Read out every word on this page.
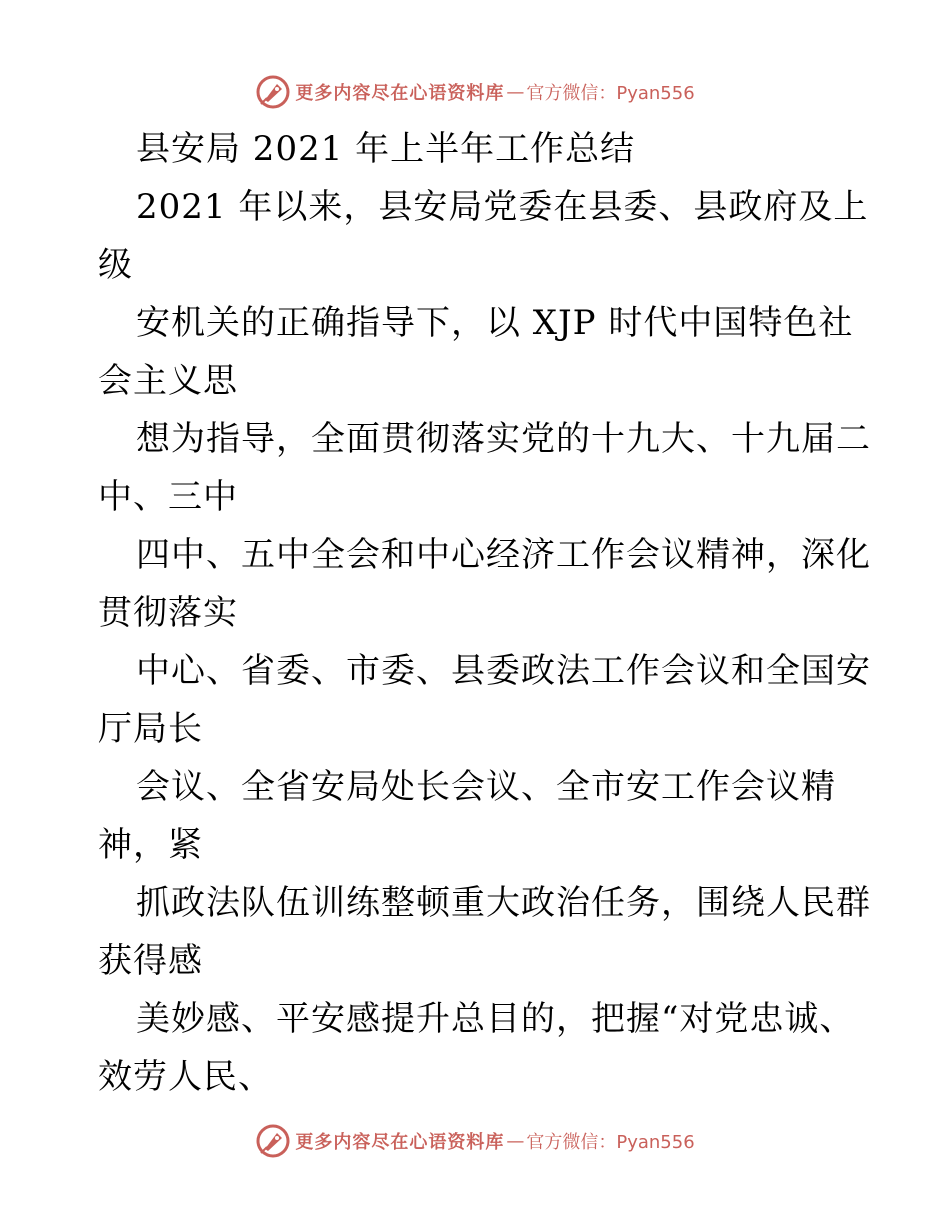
更多内容尽在心语资料库 — 官方微信：Pyan556
县安局 2021 年上半年工作总结
2021 年以来，县安局党委在县委、县政府及上
级
安机关的正确指导下，以 XJP 时代中国特色社
会主义思
想为指导，全面贯彻落实党的十九大、十九届二
中、三中
四中、五中全会和中心经济工作会议精神，深化
贯彻落实
中心、省委、市委、县委政法工作会议和全国安
厅局长
会议、全省安局处长会议、全市安工作会议精
神，紧
抓政法队伍训练整顿重大政治任务，围绕人民群
获得感
美妙感、平安感提升总目的，把握“对党忠诚、
效劳人民、
更多内容尽在心语资料库 — 官方微信：Pyan556
